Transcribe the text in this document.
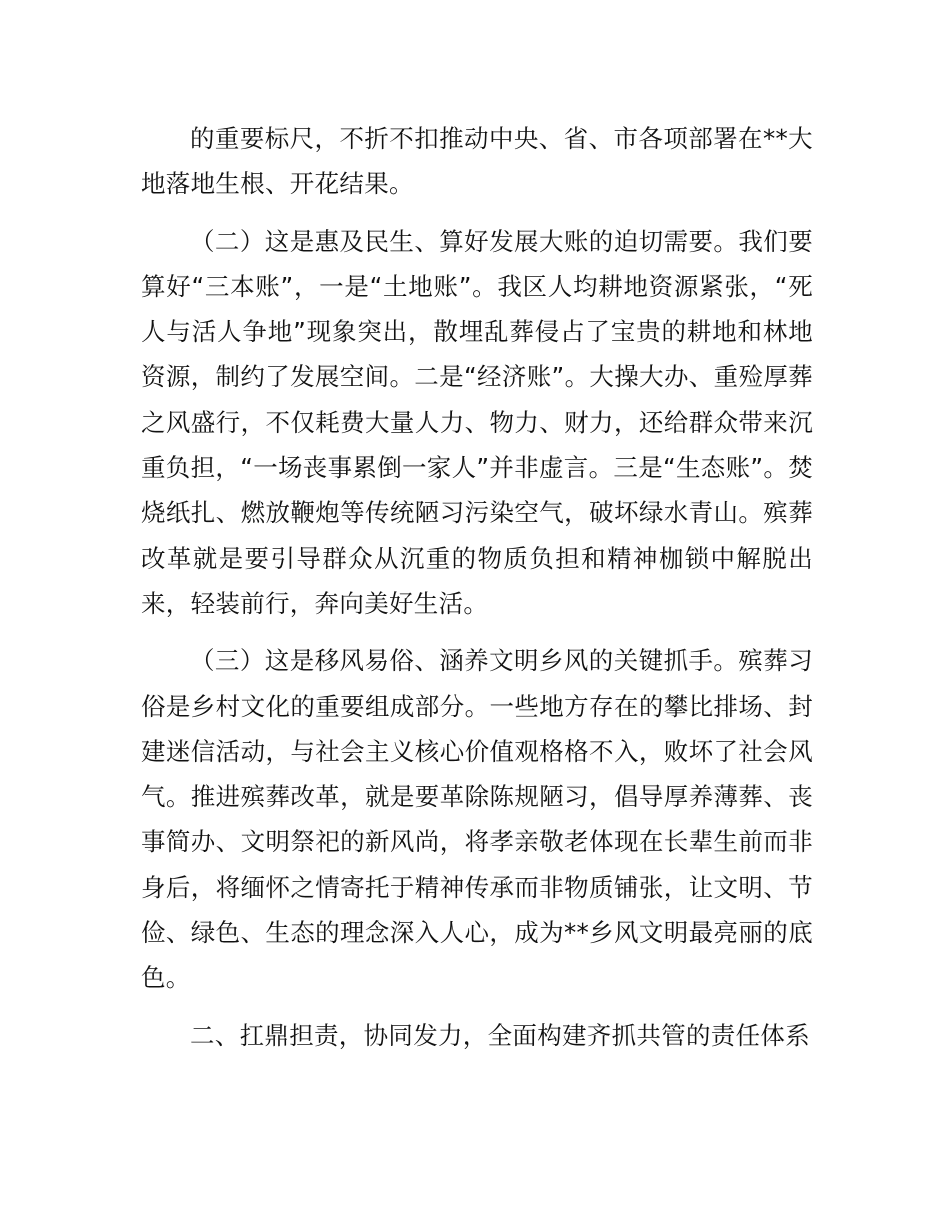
的重要标尺，不折不扣推动中央、省、市各项部署在**大地落地生根、开花结果。

（二）这是惠及民生、算好发展大账的迫切需要。我们要算好“三本账”，一是“土地账”。我区人均耕地资源紧张，“死人与活人争地”现象突出，散埋乱葬侵占了宝贵的耕地和林地资源，制约了发展空间。二是“经济账”。大操大办、重殓厚葬之风盛行，不仅耗费大量人力、物力、财力，还给群众带来沉重负担，“一场丧事累倒一家人”并非虚言。三是“生态账”。焚烧纸扎、燃放鞭炮等传统陋习污染空气，破坏绿水青山。殡葬改革就是要引导群众从沉重的物质负担和精神枷锁中解脱出来，轻装前行，奔向美好生活。

（三）这是移风易俗、涵养文明乡风的关键抓手。殡葬习俗是乡村文化的重要组成部分。一些地方存在的攀比排场、封建迷信活动，与社会主义核心价值观格格不入，败坏了社会风气。推进殡葬改革，就是要革除陈规陋习，倡导厚养薄葬、丧事简办、文明祭祀的新风尚，将孝亲敬老体现在长辈生前而非身后，将缅怀之情寄托于精神传承而非物质铺张，让文明、节俭、绿色、生态的理念深入人心，成为**乡风文明最亮丽的底色。

二、扛鼎担责，协同发力，全面构建齐抓共管的责任体系
